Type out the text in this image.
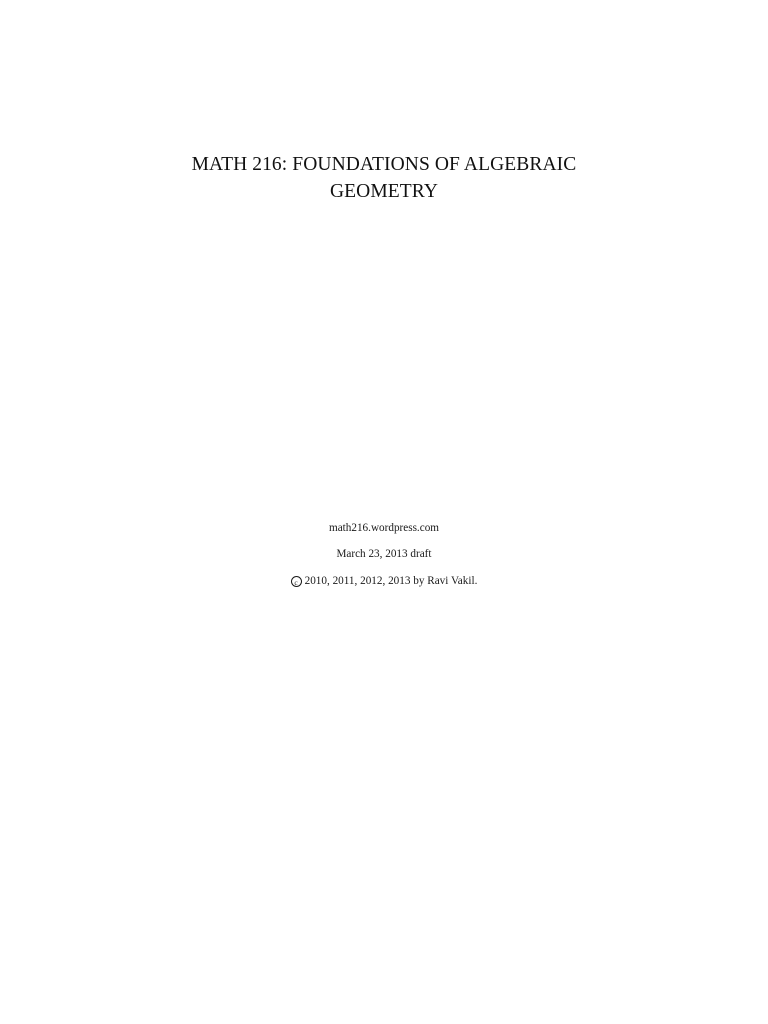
MATH 216: FOUNDATIONS OF ALGEBRAIC
GEOMETRY
math216.wordpress.com
March 23, 2013 draft
c 2010, 2011, 2012, 2013 by Ravi Vakil.
